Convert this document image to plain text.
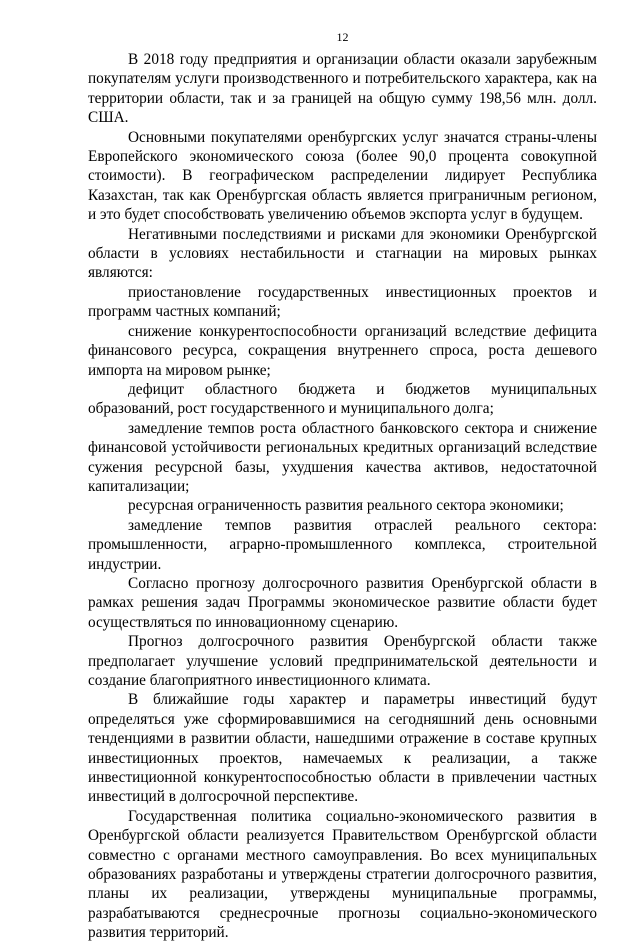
12

В 2018 году предприятия и организации области оказали зарубежным покупателям услуги производственного и потребительского характера, как на территории области, так и за границей на общую сумму 198,56 млн. долл. США.

Основными покупателями оренбургских услуг значатся страны-члены Европейского экономического союза (более 90,0 процента совокупной стоимости). В географическом распределении лидирует Республика Казахстан, так как Оренбургская область является приграничным регионом, и это будет способствовать увеличению объемов экспорта услуг в будущем.

Негативными последствиями и рисками для экономики Оренбургской области в условиях нестабильности и стагнации на мировых рынках являются:

приостановление государственных инвестиционных проектов и программ частных компаний;

снижение конкурентоспособности организаций вследствие дефицита финансового ресурса, сокращения внутреннего спроса, роста дешевого импорта на мировом рынке;

дефицит областного бюджета и бюджетов муниципальных образований, рост государственного и муниципального долга;

замедление темпов роста областного банковского сектора и снижение финансовой устойчивости региональных кредитных организаций вследствие сужения ресурсной базы, ухудшения качества активов, недостаточной капитализации;

ресурсная ограниченность развития реального сектора экономики;

замедление темпов развития отраслей реального сектора: промышленности, аграрно-промышленного комплекса, строительной индустрии.

Согласно прогнозу долгосрочного развития Оренбургской области в рамках решения задач Программы экономическое развитие области будет осуществляться по инновационному сценарию.

Прогноз долгосрочного развития Оренбургской области также предполагает улучшение условий предпринимательской деятельности и создание благоприятного инвестиционного климата.

В ближайшие годы характер и параметры инвестиций будут определяться уже сформировавшимися на сегодняшний день основными тенденциями в развитии области, нашедшими отражение в составе крупных инвестиционных проектов, намечаемых к реализации, а также инвестиционной конкурентоспособностью области в привлечении частных инвестиций в долгосрочной перспективе.

Государственная политика социально-экономического развития в Оренбургской области реализуется Правительством Оренбургской области совместно с органами местного самоуправления. Во всех муниципальных образованиях разработаны и утверждены стратегии долгосрочного развития, планы их реализации, утверждены муниципальные программы, разрабатываются среднесрочные прогнозы социально-экономического развития территорий.
